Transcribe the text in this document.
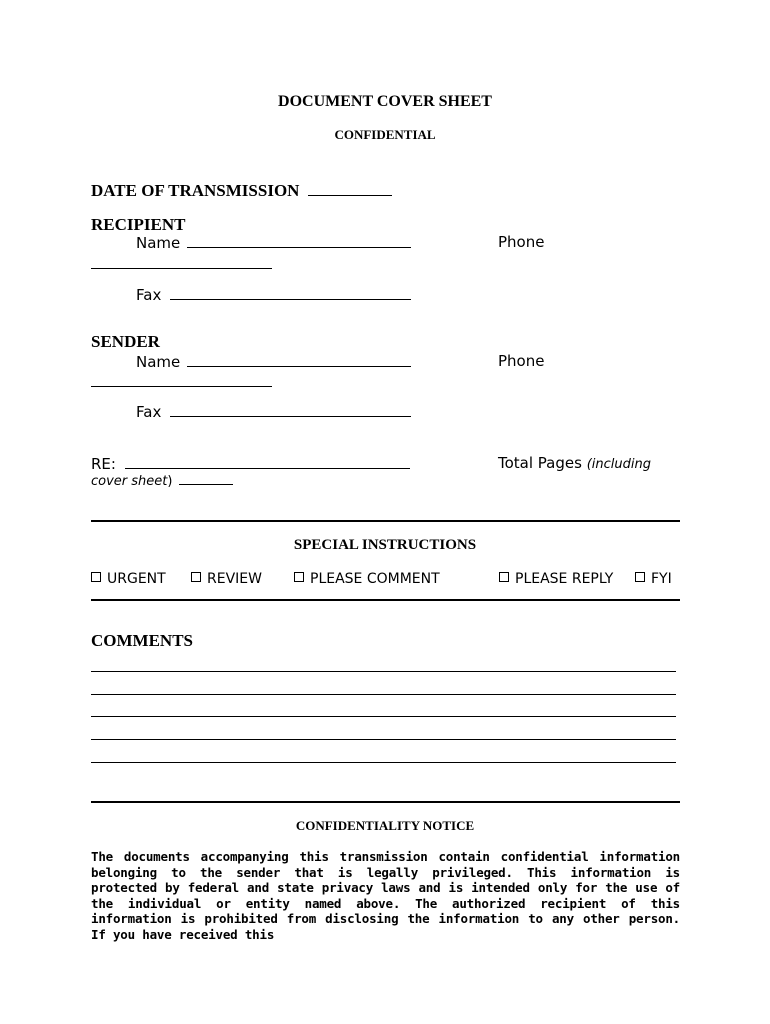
DOCUMENT COVER SHEET
CONFIDENTIAL
DATE OF TRANSMISSION
RECIPIENT
Name	Phone
Fax
SENDER
Name	Phone
Fax
RE:	Total Pages (including
cover sheet)
SPECIAL INSTRUCTIONS
URGENT	REVIEW	PLEASE COMMENT	PLEASE REPLY	FYI
COMMENTS
CONFIDENTIALITY NOTICE
The documents accompanying this transmission contain confidential information belonging to the sender that is legally privileged. This information is protected by federal and state privacy laws and is intended only for the use of the individual or entity named above. The authorized recipient of this information is prohibited from disclosing the information to any other person. If you have received this
